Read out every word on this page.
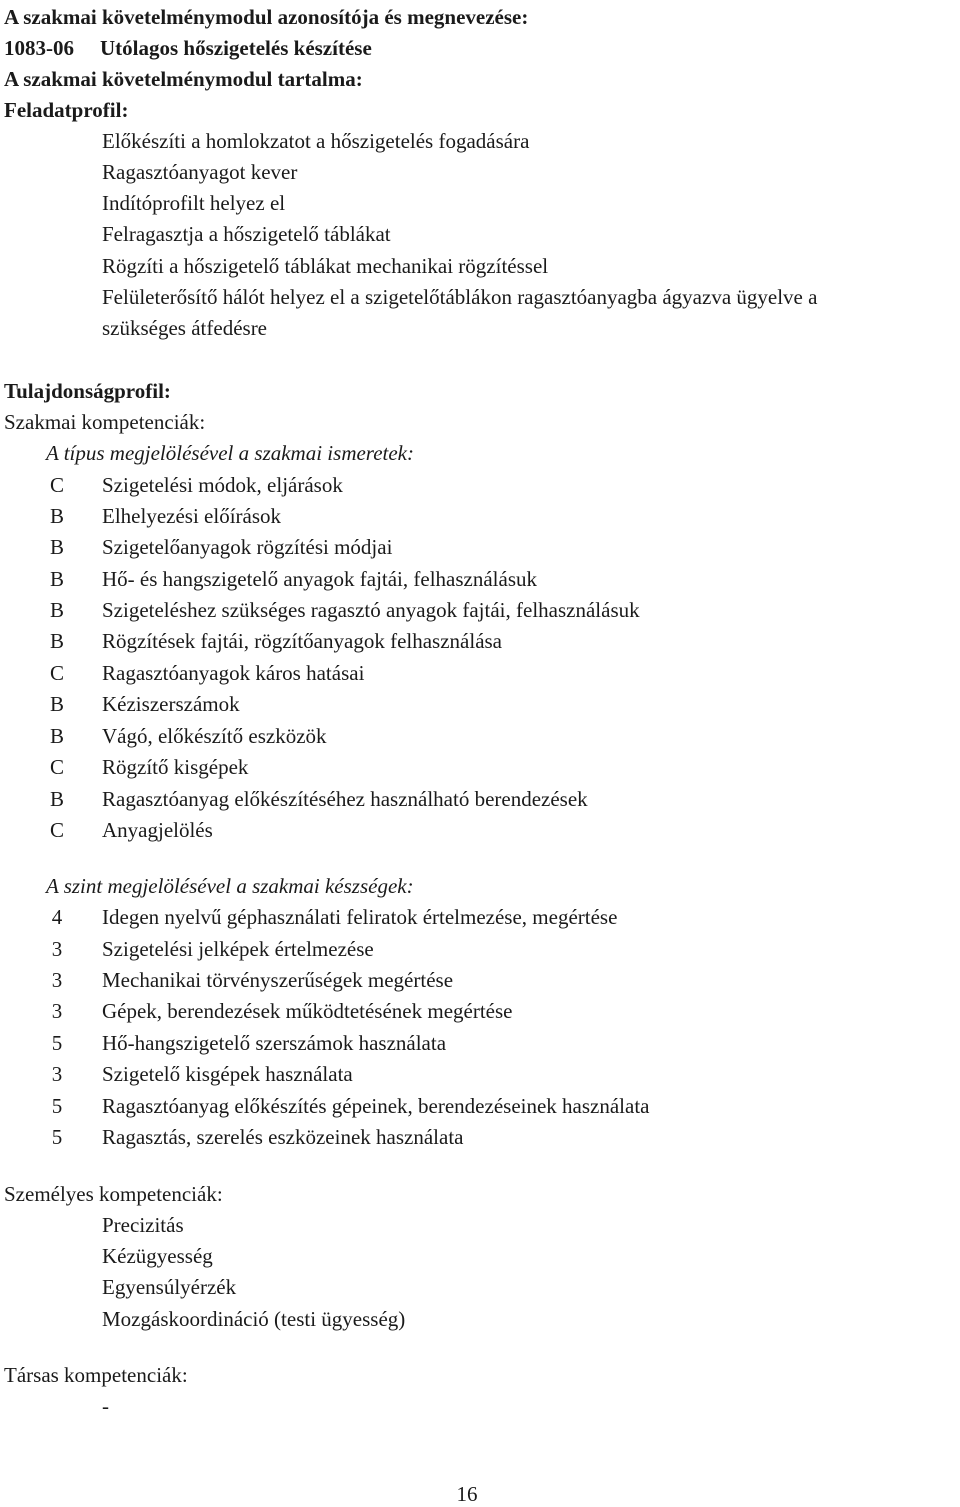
A szakmai követelménymodul azonosítója és megnevezése:
1083-06 Utólagos hőszigetelés készítése
A szakmai követelménymodul tartalma:
Feladatprofil:
Előkészíti a homlokzatot a hőszigetelés fogadására
Ragasztóanyagot kever
Indítóprofilt helyez el
Felragasztja a hőszigetelő táblákat
Rögzíti a hőszigetelő táblákat mechanikai rögzítéssel
Felületerősítő hálót helyez el a szigetelőtáblákon ragasztóanyagba ágyazva ügyelve a
szükséges átfedésre
Tulajdonságprofil:
Szakmai kompetenciák:
A típus megjelölésével a szakmai ismeretek:
C	Szigetelési módok, eljárások
B	Elhelyezési előírások
B	Szigetelőanyagok rögzítési módjai
B	Hő- és hangszigetelő anyagok fajtái, felhasználásuk
B	Szigeteléshez szükséges ragasztó anyagok fajtái, felhasználásuk
B	Rögzítések fajtái, rögzítőanyagok felhasználása
C	Ragasztóanyagok káros hatásai
B	Kéziszerszámok
B	Vágó, előkészítő eszközök
C	Rögzítő kisgépek
B	Ragasztóanyag előkészítéséhez használható berendezések
C	Anyagjelölés
A szint megjelölésével a szakmai készségek:
4	Idegen nyelvű géphasználati feliratok értelmezése, megértése
3	Szigetelési jelképek értelmezése
3	Mechanikai törvényszerűségek megértése
3	Gépek, berendezések működtetésének megértése
5	Hő-hangszigetelő szerszámok használata
3	Szigetelő kisgépek használata
5	Ragasztóanyag előkészítés gépeinek, berendezéseinek használata
5	Ragasztás, szerelés eszközeinek használata
Személyes kompetenciák:
Precizitás
Kézügyesség
Egyensúlyérzék
Mozgáskoordináció (testi ügyesség)
Társas kompetenciák:
-
16
